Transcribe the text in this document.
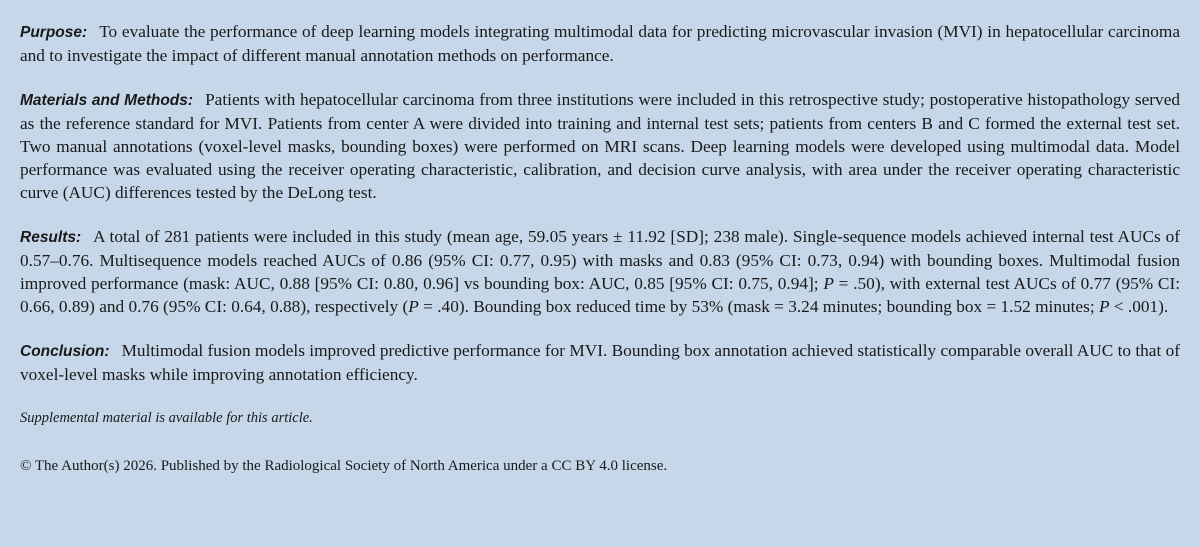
Purpose: To evaluate the performance of deep learning models integrating multimodal data for predicting microvascular invasion (MVI) in hepatocellular carcinoma and to investigate the impact of different manual annotation methods on performance.

Materials and Methods: Patients with hepatocellular carcinoma from three institutions were included in this retrospective study; postoperative histopathology served as the reference standard for MVI. Patients from center A were divided into training and internal test sets; patients from centers B and C formed the external test set. Two manual annotations (voxel-level masks, bounding boxes) were performed on MRI scans. Deep learning models were developed using multimodal data. Model performance was evaluated using the receiver operating characteristic, calibration, and decision curve analysis, with area under the receiver operating characteristic curve (AUC) differences tested by the DeLong test.

Results: A total of 281 patients were included in this study (mean age, 59.05 years ± 11.92 [SD]; 238 male). Single-sequence models achieved internal test AUCs of 0.57–0.76. Multisequence models reached AUCs of 0.86 (95% CI: 0.77, 0.95) with masks and 0.83 (95% CI: 0.73, 0.94) with bounding boxes. Multimodal fusion improved performance (mask: AUC, 0.88 [95% CI: 0.80, 0.96] vs bounding box: AUC, 0.85 [95% CI: 0.75, 0.94]; P = .50), with external test AUCs of 0.77 (95% CI: 0.66, 0.89) and 0.76 (95% CI: 0.64, 0.88), respectively (P = .40). Bounding box reduced time by 53% (mask = 3.24 minutes; bounding box = 1.52 minutes; P < .001).

Conclusion: Multimodal fusion models improved predictive performance for MVI. Bounding box annotation achieved statistically comparable overall AUC to that of voxel-level masks while improving annotation efficiency.

Supplemental material is available for this article.

© The Author(s) 2026. Published by the Radiological Society of North America under a CC BY 4.0 license.
